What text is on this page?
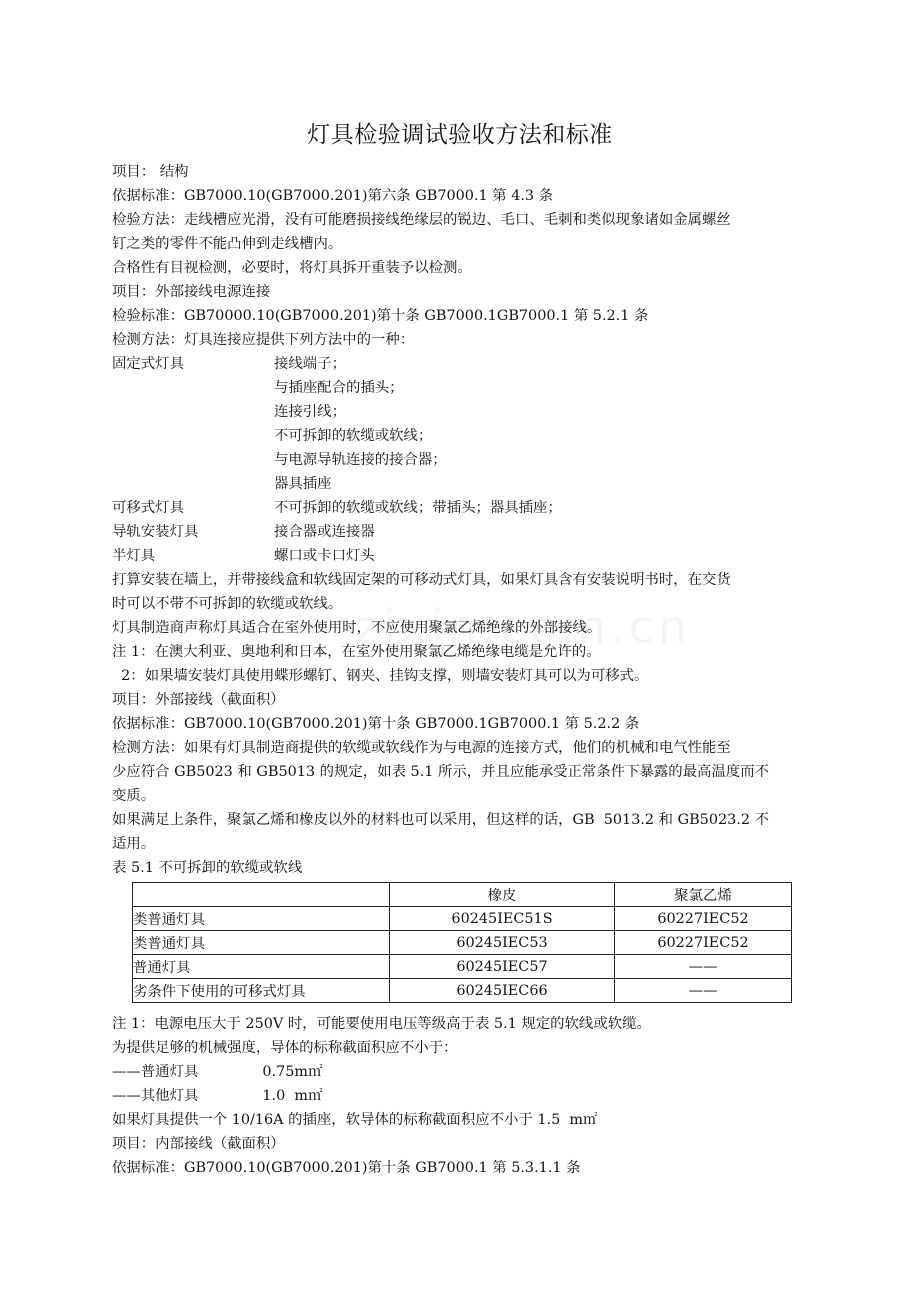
灯具检验调试验收方法和标准
项目： 结构
依据标准：GB7000.10(GB7000.201)第六条 GB7000.1 第 4.3 条
检验方法：走线槽应光滑，没有可能磨损接线绝缘层的锐边、毛口、毛刺和类似现象诸如金属螺丝
钉之类的零件不能凸伸到走线槽内。
合格性有目视检测，必要时，将灯具拆开重装予以检测。
项目：外部接线电源连接
检验标准：GB70000.10(GB7000.201)第十条 GB7000.1GB7000.1 第 5.2.1 条
检测方法：灯具连接应提供下列方法中的一种：
固定式灯具	接线端子；
与插座配合的插头；
连接引线；
不可拆卸的软缆或软线；
与电源导轨连接的接合器；
器具插座
可移式灯具	不可拆卸的软缆或软线；带插头；器具插座；
导轨安装灯具	接合器或连接器
半灯具	螺口或卡口灯头
打算安装在墙上，并带接线盒和软线固定架的可移动式灯具，如果灯具含有安装说明书时，在交货
时可以不带不可拆卸的软缆或软线。
灯具制造商声称灯具适合在室外使用时，不应使用聚氯乙烯绝缘的外部接线。
注 1：在澳大利亚、奥地利和日本，在室外使用聚氯乙烯绝缘电缆是允许的。
2：如果墙安装灯具使用蝶形螺钉、钢夹、挂钩支撑，则墙安装灯具可以为可移式。
项目：外部接线（截面积）
依据标准：GB7000.10(GB7000.201)第十条 GB7000.1GB7000.1 第 5.2.2 条
检测方法：如果有灯具制造商提供的软缆或软线作为与电源的连接方式，他们的机械和电气性能至
少应符合 GB5023 和 GB5013 的规定，如表 5.1 所示，并且应能承受正常条件下暴露的最高温度而不
变质。
如果满足上条件，聚氯乙烯和橡皮以外的材料也可以采用，但这样的话，GB  5013.2 和 GB5023.2 不
适用。
表 5.1 不可拆卸的软缆或软线
	橡皮	聚氯乙烯
类普通灯具	60245IEC51S	60227IEC52
类普通灯具	60245IEC53	60227IEC52
普通灯具	60245IEC57	——
劣条件下使用的可移式灯具	60245IEC66	——
注 1：电源电压大于 250V 时，可能要使用电压等级高于表 5.1 规定的软线或软缆。
为提供足够的机械强度，导体的标称截面积应不小于：
——普通灯具              0.75m㎡
——其他灯具              1.0  m㎡
如果灯具提供一个 10/16A 的插座，软导体的标称截面积应不小于 1.5  m㎡
项目：内部接线（截面积）
依据标准：GB7000.10(GB7000.201)第十条 GB7000.1 第 5.3.1.1 条
